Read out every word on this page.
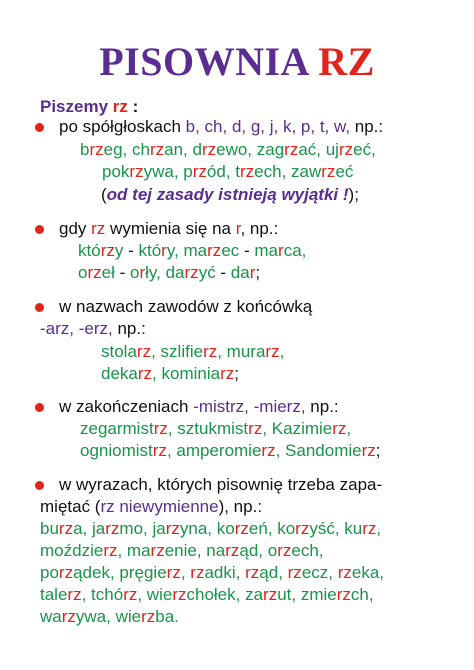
PISOWNIA RZ
Piszemy rz :
po spółgłoskach b, ch, d, g, j, k, p, t, w, np.:
brzeg, chrzan, drzewo, zagrzać, ujrzeć,
pokrzywa, przód, trzech, zawrzeć
(od tej zasady istnieją wyjątki !);
gdy rz wymienia się na r, np.:
którzy - który, marzec - marca,
orzeł - orły, darzyć - dar;
w nazwach zawodów z końcówką
-arz, -erz, np.:
stolarz, szlifierz, murarz,
dekarz, kominiarz;
w zakończeniach -mistrz, -mierz, np.:
zegarmistrz, sztukmistrz, Kazimierz,
ogniomistrz, amperomierz, Sandomierz;
w wyrazach, których pisownię trzeba zapa-
miętać (rz niewymienne), np.:
burza, jarzmo, jarzyna, korzeń, korzyść, kurz,
moździerz, marzenie, narząd, orzech,
porządek, pręgierz, rzadki, rząd, rzecz, rzeka,
talerz, tchórz, wierzchołek, zarzut, zmierzch,
warzywa, wierzba.
